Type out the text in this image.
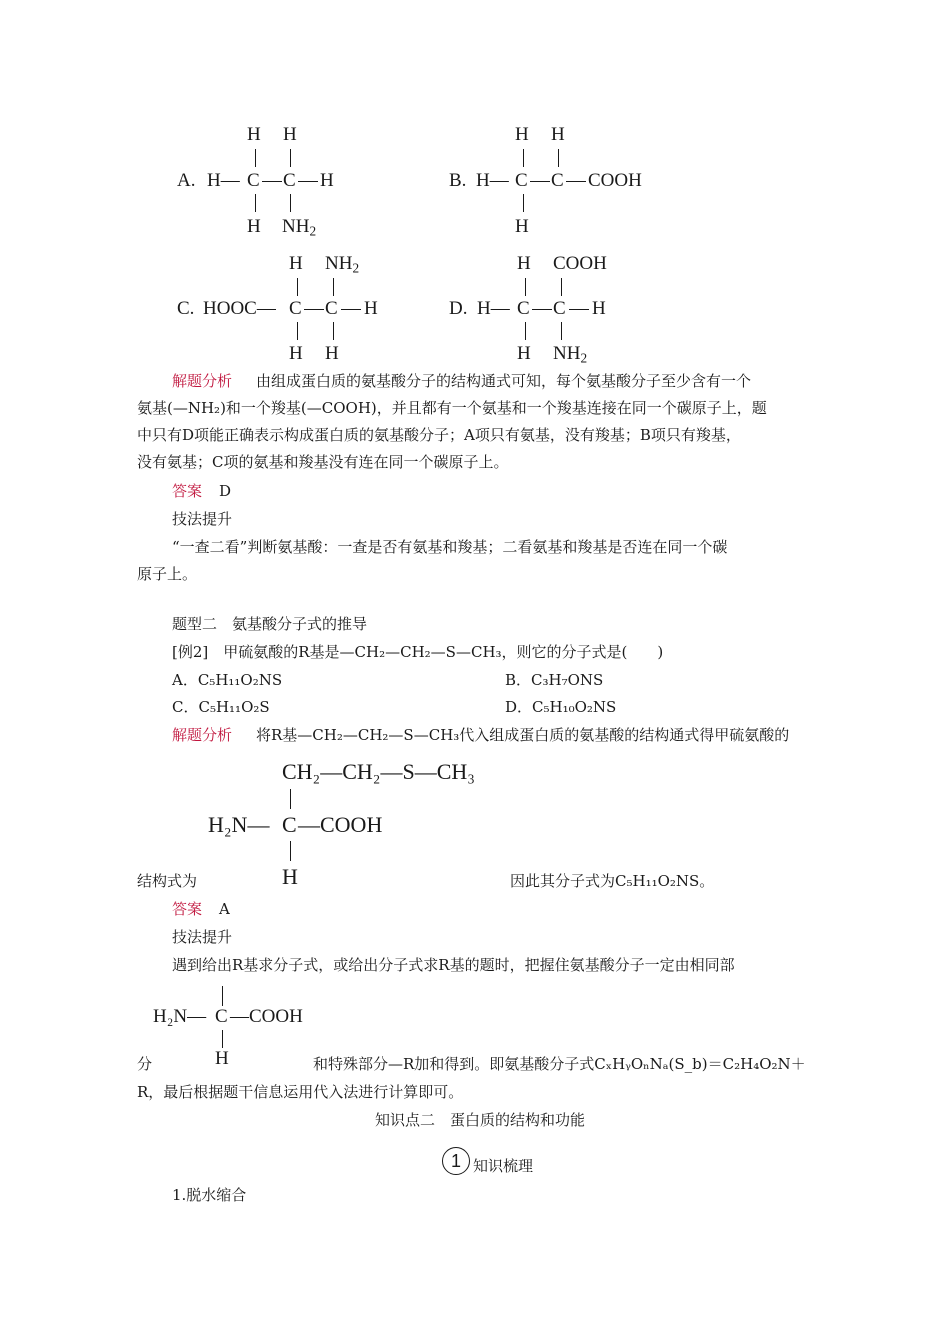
H H
A. H— C C H
H $NH_2$
H H
B. H— C C COOH
H
H $NH_2$
C. HOOC— C C H
H H
H COOH
D. H— C C H
H $NH_2$
解题分析 由组成蛋白质的氨基酸分子的结构通式可知，每个氨基酸分子至少含有一个
氨基(—NH₂)和一个羧基(—COOH)，并且都有一个氨基和一个羧基连接在同一个碳原子上，题
中只有D项能正确表示构成蛋白质的氨基酸分子；A项只有氨基，没有羧基；B项只有羧基，
没有氨基；C项的氨基和羧基没有连在同一个碳原子上。
答案 D
技法提升
“一查二看”判断氨基酸：一查是否有氨基和羧基；二看氨基和羧基是否连在同一个碳
原子上。
题型二　氨基酸分子式的推导
[例2]　甲硫氨酸的R基是—CH₂—CH₂—S—CH₃，则它的分子式是(　　)
A．C₅H₁₁O₂NS	B．C₃H₇ONS
C．C₅H₁₁O₂S	D．C₅H₁₀O₂NS
解题分析 将R基—CH₂—CH₂—S—CH₃代入组成蛋白质的氨基酸的结构通式得甲硫氨酸的
CH₂—CH₂—S—CH₃
H₂N— C —COOH
H
结构式为	因此其分子式为C₅H₁₁O₂NS。
答案 A
技法提升
遇到给出R基求分子式，或给出分子式求R基的题时，把握住氨基酸分子一定由相同部
H₂N— C —COOH
H
分	和特殊部分—R加和得到。即氨基酸分子式CₓHᵧOₙNₐ(S_b)＝C₂H₄O₂N＋
R，最后根据题干信息运用代入法进行计算即可。
知识点二　蛋白质的结构和功能
1 知识梳理
1.脱水缩合
